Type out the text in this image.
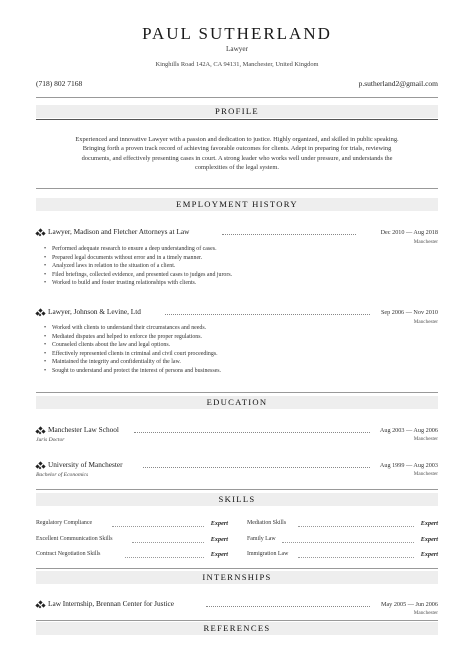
PAUL SUTHERLAND
Lawyer
Kinghills Road 142A, CA 94131, Manchester, United Kingdom
(718) 802 7168	p.sutherland2@gmail.com
PROFILE
Experienced and innovative Lawyer with a passion and dedication to justice. Highly organized, and skilled in public speaking.
Bringing forth a proven track record of achieving favorable outcomes for clients. Adept in preparing for trials, reviewing
documents, and effectively presenting cases in court. A strong leader who works well under pressure, and understands the
complexities of the legal system.
EMPLOYMENT HISTORY
Lawyer, Madison and Fletcher Attorneys at Law	Dec 2010 — Aug 2018
Manchester
• Performed adequate research to ensure a deep understanding of cases.
• Prepared legal documents without error and in a timely manner.
• Analyzed laws in relation to the situation of a client.
• Filed briefings, collected evidence, and presented cases to judges and jurors.
• Worked to build and foster trusting relationships with clients.
Lawyer, Johnson & Levine, Ltd	Sep 2006 — Nov 2010
Manchester
• Worked with clients to understand their circumstances and needs.
• Mediated disputes and helped to enforce the proper regulations.
• Counseled clients about the law and legal options.
• Effectively represented clients in criminal and civil court proceedings.
• Maintained the integrity and confidentiality of the law.
• Sought to understand and protect the interest of persons and businesses.
EDUCATION
Manchester Law School	Aug 2003 — Aug 2006
Manchester
Juris Doctor
University of Manchester	Aug 1999 — Aug 2003
Manchester
Bachelor of Economics
SKILLS
Regulatory Compliance	Expert
Excellent Communication Skills	Expert
Contract Negotiation Skills	Expert
Mediation Skills	Expert
Family Law	Expert
Immigration Law	Expert
INTERNSHIPS
Law Internship, Brennan Center for Justice	May 2005 — Jun 2006
Manchester
REFERENCES
